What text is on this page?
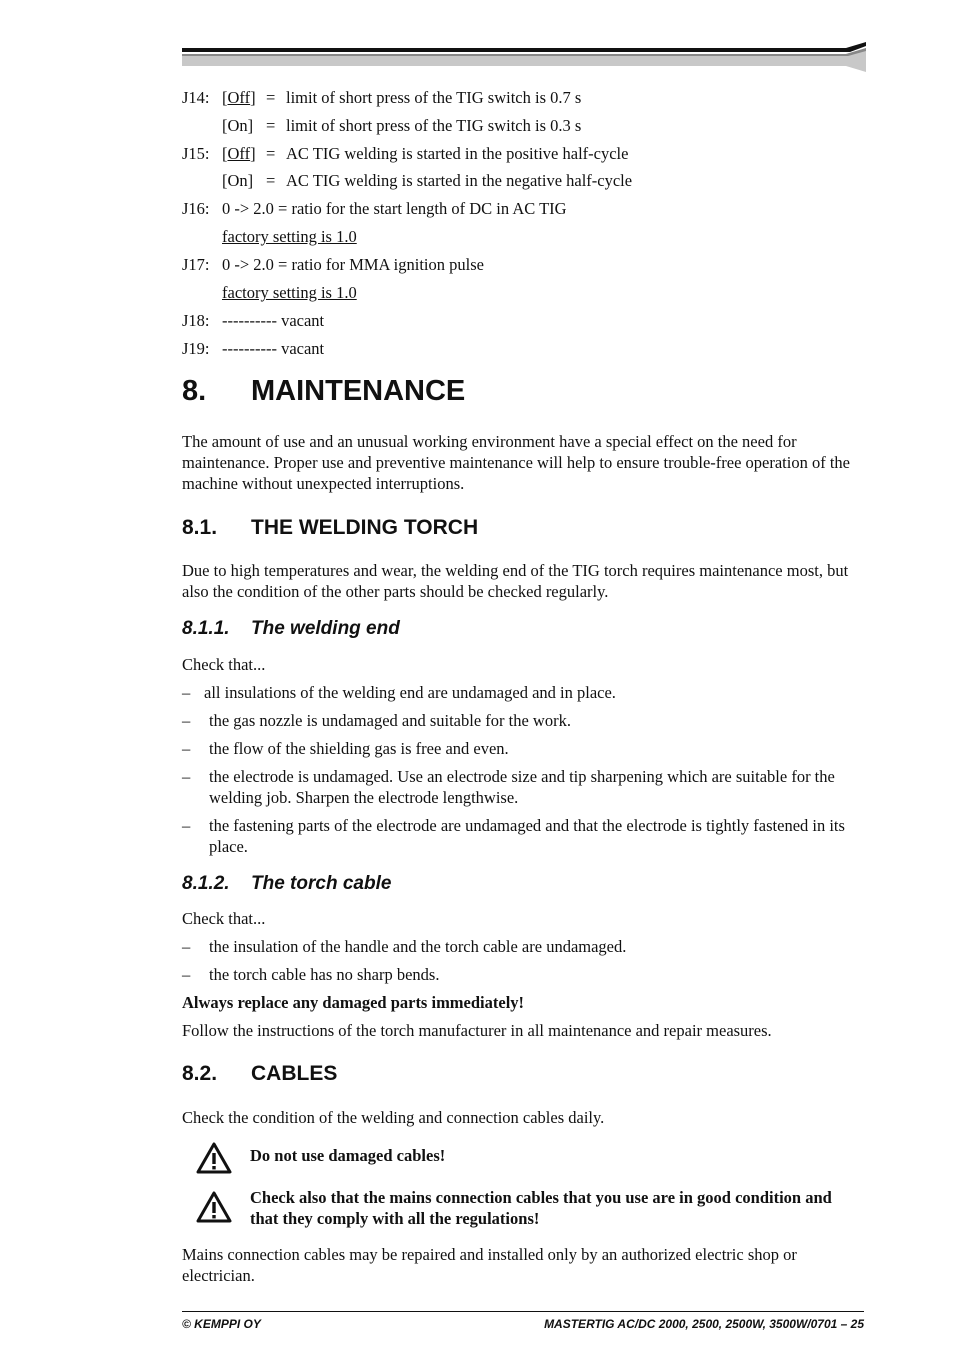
J14: [Off] = limit of short press of the TIG switch is 0.7 s
[On] = limit of short press of the TIG switch is 0.3 s
J15: [Off] = AC TIG welding is started in the positive half-cycle
[On] = AC TIG welding is started in the negative half-cycle
J16: 0 -> 2.0 = ratio for the start length of DC in AC TIG
factory setting is 1.0
J17: 0 -> 2.0 = ratio for MMA ignition pulse
factory setting is 1.0
J18: ---------- vacant
J19: ---------- vacant
8. MAINTENANCE
The amount of use and an unusual working environment have a special effect on the need for maintenance. Proper use and preventive maintenance will help to ensure trouble-free operation of the machine without unexpected interruptions.
8.1. THE WELDING TORCH
Due to high temperatures and wear, the welding end of the TIG torch requires maintenance most, but also the condition of the other parts should be checked regularly.
8.1.1. The welding end
Check that...
– all insulations of the welding end are undamaged and in place.
– the gas nozzle is undamaged and suitable for the work.
– the flow of the shielding gas is free and even.
– the electrode is undamaged. Use an electrode size and tip sharpening which are suitable for the welding job. Sharpen the electrode lengthwise.
– the fastening parts of the electrode are undamaged and that the electrode is tightly fastened in its place.
8.1.2. The torch cable
Check that...
– the insulation of the handle and the torch cable are undamaged.
– the torch cable has no sharp bends.
Always replace any damaged parts immediately!
Follow the instructions of the torch manufacturer in all maintenance and repair measures.
8.2. CABLES
Check the condition of the welding and connection cables daily.
Do not use damaged cables!
Check also that the mains connection cables that you use are in good condition and that they comply with all the regulations!
Mains connection cables may be repaired and installed only by an authorized electric shop or electrician.
© KEMPPI OY	MASTERTIG AC/DC 2000, 2500, 2500W, 3500W/0701 – 25
